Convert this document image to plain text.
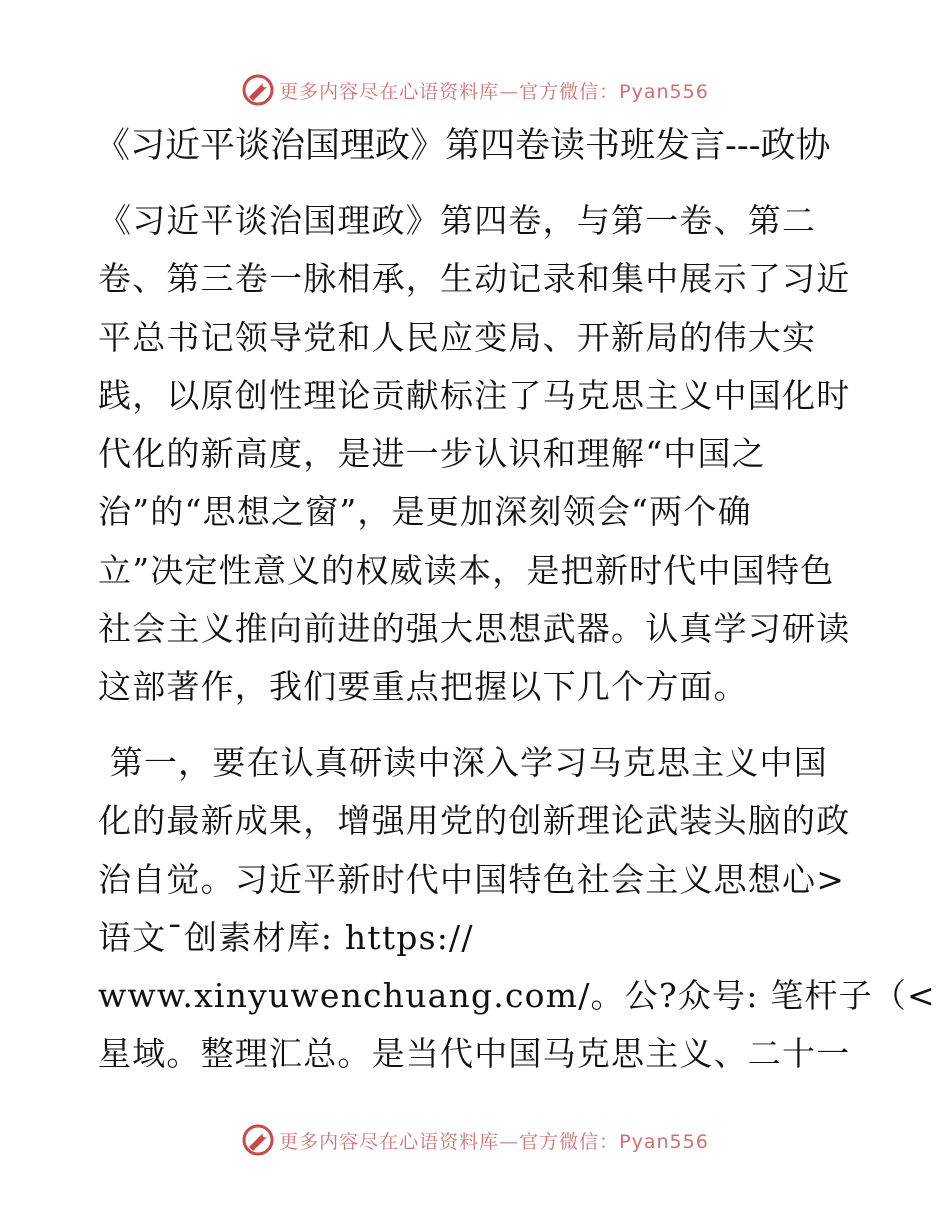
更多内容尽在心语资料库—官方微信：Pyan556
《习近平谈治国理政》第四卷读书班发言---政协

《习近平谈治国理政》第四卷，与第一卷、第二
卷、第三卷一脉相承，生动记录和集中展示了习近
平总书记领导党和人民应变局、开新局的伟大实
践，以原创性理论贡献标注了马克思主义中国化时
代化的新高度，是进一步认识和理解“中国之
治”的“思想之窗”，是更加深刻领会“两个确
立”决定性意义的权威读本，是把新时代中国特色
社会主义推向前进的强大思想武器。认真学习研读
这部著作，我们要重点把握以下几个方面。

第一，要在认真研读中深入学习马克思主义中国
化的最新成果，增强用党的创新理论武装头脑的政
治自觉。习近平新时代中国特色社会主义思想心>
语文¯创素材库: https://
www.xinyuwenchuang.com/。公?众号: 笔杆子（<
星域。整理汇总。是当代中国马克思主义、二十一

更多内容尽在心语资料库—官方微信：Pyan556
